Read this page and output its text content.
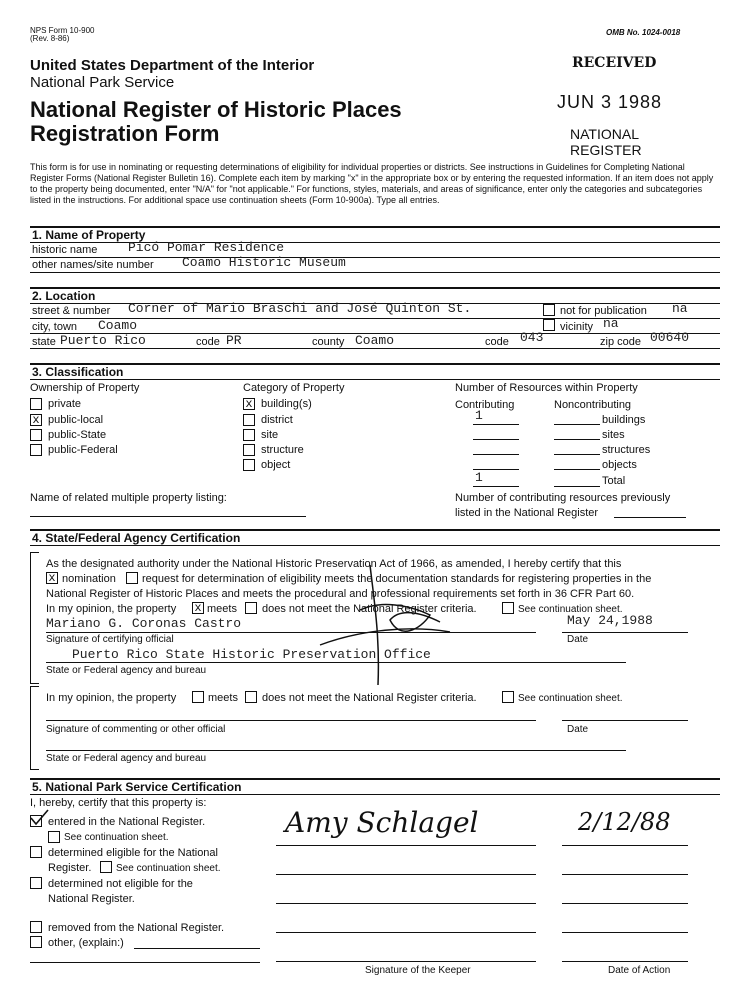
NPS Form 10-900
(Rev. 8-86)
OMB No. 1024-0018
United States Department of the Interior
National Park Service
National Register of Historic Places
Registration Form
RECEIVED
JUN 3 1988
NATIONAL
REGISTER
This form is for use in nominating or requesting determinations of eligibility for individual properties or districts. See instructions in Guidelines for Completing National Register Forms (National Register Bulletin 16). Complete each item by marking "x" in the appropriate box or by entering the requested information. If an item does not apply to the property being documented, enter "N/A" for "not applicable." For functions, styles, materials, and areas of significance, enter only the categories and subcategories listed in the instructions. For additional space use continuation sheets (Form 10-900a). Type all entries.
1. Name of Property
historic name Picó Pomar Residence
other names/site number Coamo Historic Museum
2. Location
street & number Corner of Mario Braschi and José Quinton St.	not for publication na
city, town Coamo	vicinity na
state Puerto Rico	code PR	county Coamo	code 043	zip code 00640
3. Classification
Ownership of Property
private
x public-local
public-State
public-Federal
Category of Property
x building(s)
district
site
structure
object
Number of Resources within Property
Contributing	Noncontributing
1	buildings
sites
structures
objects
1	Total
Name of related multiple property listing:	Number of contributing resources previously
listed in the National Register
4. State/Federal Agency Certification
As the designated authority under the National Historic Preservation Act of 1966, as amended, I hereby certify that this
x nomination request for determination of eligibility meets the documentation standards for registering properties in the
National Register of Historic Places and meets the procedural and professional requirements set forth in 36 CFR Part 60.
In my opinion, the property x meets does not meet the National Register criteria.	See continuation sheet.
Mariano G. Coronas Castro	May 24,1988
Signature of certifying official	Date
Puerto Rico State Historic Preservation Office
State or Federal agency and bureau
In my opinion, the property	meets does not meet the National Register criteria.	See continuation sheet.
Signature of commenting or other official	Date
State or Federal agency and bureau
5. National Park Service Certification
I, hereby, certify that this property is:
entered in the National Register.
See continuation sheet.
determined eligible for the National
Register. See continuation sheet.
determined not eligible for the
National Register.
removed from the National Register.
other, (explain:)
Amy Schlagel	2/12/88
Signature of the Keeper	Date of Action
